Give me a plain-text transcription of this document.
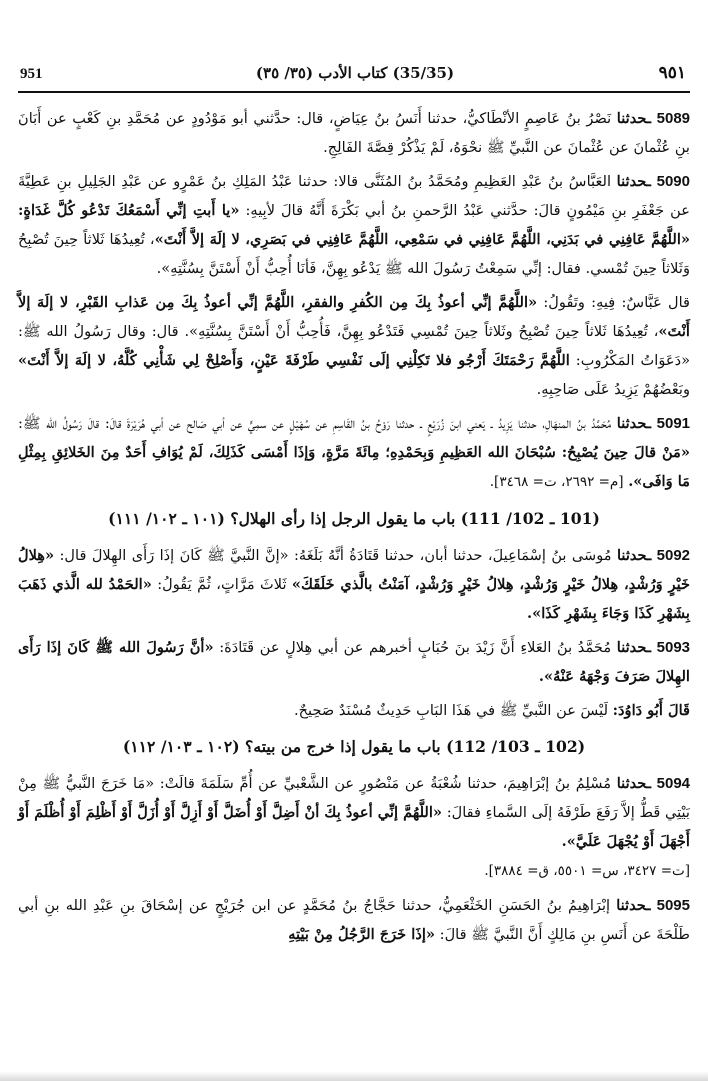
951	(35/35) كتاب الأدب (٣٥/ ٣٥)	٩٥١

5089 ـحدثنا نَصْرُ بنُ عَاصِمٍ الأنْطَاكيُّ، حدثنا أَنَسُ بنُ عِيَاضٍ، قال: حدَّثني أبو مَوْدُودٍ عن مُحَمَّدِ بنِ كَعْبٍ عن أَبَانَ بنِ عُثْمانَ عن عُثْمانَ عن النَّبيِّ ﷺ نحْوَهُ، لَمْ يَذْكُرْ قِصَّةَ الفَالِجِ.

5090 ـحدثنا العَبَّاسُ بنُ عَبْدِ العَظِيمِ ومُحَمَّدُ بنُ المُثَنَّى قالا: حدثنا عَبْدُ المَلِكِ بنُ عَمْرٍو عن عَبْدِ الجَلِيلِ بنِ عَطِيَّةَ عن جَعْفَرِ بنِ مَيْمُونٍ قالَ: حدَّثني عَبْدُ الرَّحمنِ بنُ أبي بَكْرَةَ أَنَّهُ قالَ لأبِيهِ: «يا أَبتِ إنِّي أَسْمَعُكَ تَدْعُو كُلَّ غَدَاةٍ: «اللَّهُمَّ عَافِنِي في بَدَنِي، اللَّهُمَّ عَافِنِي في سَمْعِي، اللَّهُمَّ عَافِنِي في بَصَرِي، لا إلَهَ إلاَّ أَنْتَ»، تُعِيدُهَا ثَلاثاً حِينَ تُصْبِحُ وَثَلاثاً حِينَ تُمْسي. فقال: إنِّي سَمِعْتُ رَسُولَ الله ﷺ يَدْعُو بِهِنَّ، فَأنَا أُحِبُّ أَنْ أَسْتَنَّ بِسُنَّتِهِ».

قال عَبَّاسٌ: فِيهِ: وتَقُولُ: «اللَّهُمَّ إنِّي أعوذُ بِكَ مِن الكُفرِ والفقرِ، اللَّهُمَّ إنِّي أعوذُ بِكَ مِن عَذابِ القَبْرِ، لا إلَهَ إلاَّ أَنْتَ»، تُعِيدُهَا ثَلاثاً حِينَ تُصْبِحُ وثَلاثاً حِينَ تُمْسِي فَتَدْعُو بِهِنَّ، فَأُحِبُّ أَنْ أَسْتَنَّ بِسُنَّتِهِ». قال: وقال رَسُولُ الله ﷺ: «دَعَوَاتُ المَكْرُوبِ: اللَّهُمَّ رَحْمَتَكَ أَرْجُو فلا تَكِلْنِي إلَى نَفْسِي طَرْفَةَ عَيْنٍ، وَأَصْلِحْ لِي شَأْنِي كُلَّهُ، لا إلَهَ إلاَّ أَنْتَ» وبَعْضُهُمْ يَزِيدُ عَلَى صَاحِبِهِ.

5091 ـحدثنا مُحَمَّدُ بنُ المنهَالِ، حدثنا يَزِيدُ ـ يَعني ابنَ زُرَيْعٍ ـ حدثنا رَوْحُ بنُ القَاسِمِ عن سُهَيْلٍ عن سمِيٍّ عن أبي صَالح عن أبي هُرَيْرَةَ قالَ: قالَ رَسُولُ الله ﷺ: «مَنْ قالَ حِينَ يُصْبِحُ: سُبْحَانَ الله العَظِيمِ وَبِحَمْدِهِ؛ مِائَةَ مَرَّةٍ، وَإذَا أَمْسَى كَذَلِكَ، لَمْ يُوَافِ أَحَدٌ مِنَ الخَلائِقِ بِمِثْلِ مَا وَافَى». [م= ٢٦٩٢، ت= ٣٤٦٨].

(101 ـ 102/ 111) باب ما يقول الرجل إذا رأى الهلال؟ (١٠١ ـ ١٠٢/ ١١١)

5092 ـحدثنا مُوسَى بنُ إسْمَاعِيلَ، حدثنا أبان، حدثنا قَتَادَةُ أنَّهُ بَلَغَهُ: «إنَّ النَّبيَّ ﷺ كَانَ إذَا رَأَى الهِلالَ قال: «هِلالُ خَيْرٍ وَرُشْدٍ، هِلالُ خَيْرٍ وَرُشْدٍ، هِلالُ خَيْرٍ وَرُشْدٍ، آمَنْتُ بالَّذي خَلَقَكَ» ثَلاثَ مَرَّاتٍ، ثُمَّ يَقُولُ: «الحَمْدُ لله الَّذي ذَهَبَ بِشَهْرِ كَذَا وَجَاءَ بِشَهْرِ كَذَا».

5093 ـحدثنا مُحَمَّدُ بنُ العَلاءِ أَنَّ زَيْدَ بنَ حُبَابٍ أخبرهم عن أبي هِلالٍ عن قَتَادَةَ: «أنَّ رَسُولَ الله ﷺ كَانَ إذَا رَأَى الهِلالَ صَرَفَ وَجْهَهُ عَنْهُ».

قَالَ أَبُو دَاوُدَ: لَيْسَ عن النَّبيِّ ﷺ في هَذَا البَابِ حَدِيثٌ مُسْنَدٌ صَحِيحٌ.

(102 ـ 103/ 112) باب ما يقول إذا خرج من بيته؟ (١٠٢ ـ ١٠٣/ ١١٢)

5094 ـحدثنا مُسْلِمُ بنُ إبْرَاهِيمَ، حدثنا شُعْبَةُ عن مَنْصُورٍ عن الشَّعْبيِّ عن أُمِّ سَلَمَةَ قالَتْ: «مَا خَرَجَ النَّبيُّ ﷺ مِنْ بَيْتِي قَطُّ إلاَّ رَفَعَ طَرْفَهُ إلَى السَّماءِ فقالَ: «اللَّهُمَّ إنِّي أعوذُ بِكَ أنْ أَضِلَّ أَوْ أُضَلَّ أَوْ أَزِلَّ أَوْ أُزَلَّ أَوْ أَظْلِمَ أَوْ أُظْلَمَ أَوْ أَجْهَلَ أَوْ يُجْهَلَ عَلَيَّ».
[ت= ٣٤٢٧، س= ٥٥٠١، ق= ٣٨٨٤].

5095 ـحدثنا إبْرَاهِيمُ بنُ الحَسَنِ الخَثْعَمِيُّ، حدثنا حَجَّاجُ بنُ مُحَمَّدٍ عن ابن جُرَيْجٍ عن إسْحَاقَ بنِ عَبْدِ الله بنِ أبي طَلْحَةَ عن أَنَسِ بنِ مَالِكٍ أَنَّ النَّبيَّ ﷺ قالَ: «إذَا خَرَجَ الرَّجُلُ مِنْ بَيْتِهِ
